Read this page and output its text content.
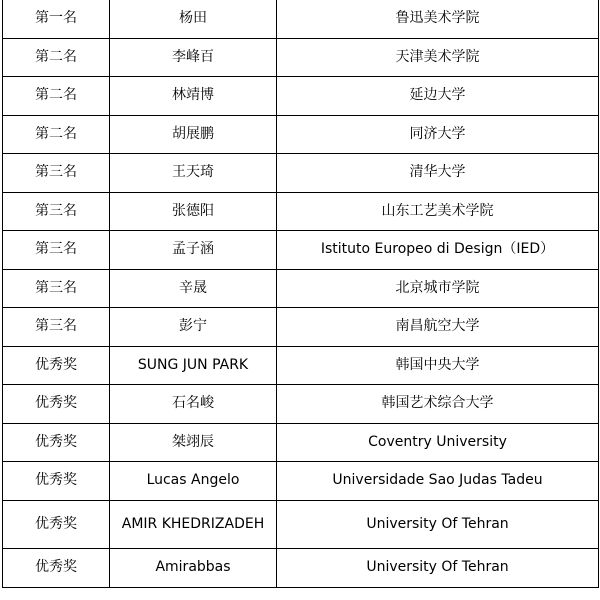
第一名	杨田	鲁迅美术学院
第二名	李峰百	天津美术学院
第二名	林靖博	延边大学
第二名	胡展鹏	同济大学
第三名	王天琦	清华大学
第三名	张德阳	山东工艺美术学院
第三名	孟子涵	Istituto Europeo di Design（IED）
第三名	辛晟	北京城市学院
第三名	彭宁	南昌航空大学
优秀奖	SUNG JUN PARK	韩国中央大学
优秀奖	石名峻	韩国艺术综合大学
优秀奖	桀翊辰	Coventry University
优秀奖	Lucas Angelo	Universidade Sao Judas Tadeu
优秀奖	AMIR KHEDRIZADEH	University Of Tehran
优秀奖	Amirabbas	University Of Tehran
